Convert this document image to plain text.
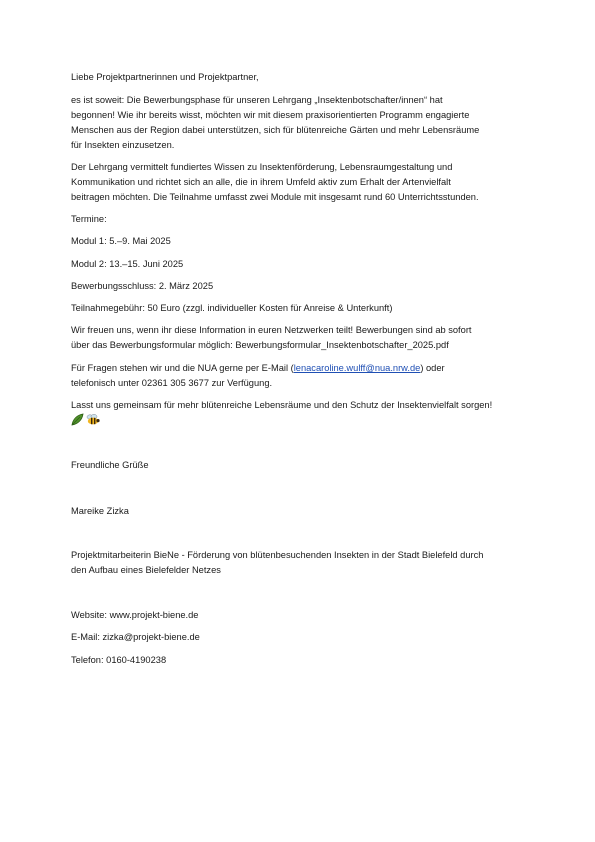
Liebe Projektpartnerinnen und Projektpartner,
es ist soweit: Die Bewerbungsphase für unseren Lehrgang „Insektenbotschafter/innen“ hat
begonnen! Wie ihr bereits wisst, möchten wir mit diesem praxisorientierten Programm engagierte
Menschen aus der Region dabei unterstützen, sich für blütenreiche Gärten und mehr Lebensräume
für Insekten einzusetzen.
Der Lehrgang vermittelt fundiertes Wissen zu Insektenförderung, Lebensraumgestaltung und
Kommunikation und richtet sich an alle, die in ihrem Umfeld aktiv zum Erhalt der Artenvielfalt
beitragen möchten. Die Teilnahme umfasst zwei Module mit insgesamt rund 60 Unterrichtsstunden.
Termine:
Modul 1: 5.–9. Mai 2025
Modul 2: 13.–15. Juni 2025
Bewerbungsschluss: 2. März 2025
Teilnahmegebühr: 50 Euro (zzgl. individueller Kosten für Anreise & Unterkunft)
Wir freuen uns, wenn ihr diese Information in euren Netzwerken teilt! Bewerbungen sind ab sofort
über das Bewerbungsformular möglich: Bewerbungsformular_Insektenbotschafter_2025.pdf
Für Fragen stehen wir und die NUA gerne per E-Mail (lenacaroline.wulff@nua.nrw.de) oder
telefonisch unter 02361 305 3677 zur Verfügung.
Lasst uns gemeinsam für mehr blütenreiche Lebensräume und den Schutz der Insektenvielfalt sorgen!
Freundliche Grüße
Mareike Zizka
Projektmitarbeiterin BieNe - Förderung von blütenbesuchenden Insekten in der Stadt Bielefeld durch
den Aufbau eines Bielefelder Netzes
Website: www.projekt-biene.de
E-Mail: zizka@projekt-biene.de
Telefon: 0160-4190238
